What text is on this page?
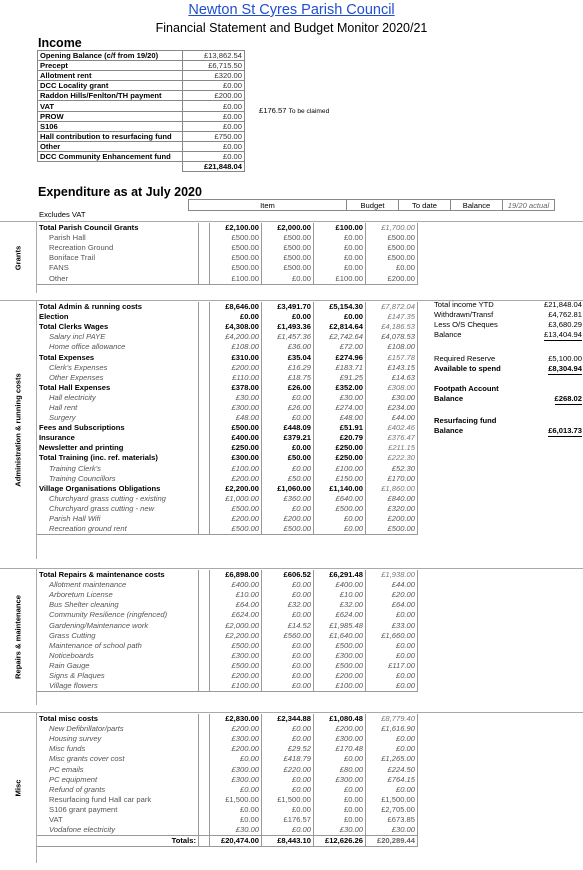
Newton St Cyres Parish Council
Financial Statement and Budget Monitor 2020/21
Income
Opening Balance (c/f from 19/20)	£13,862.54
Precept	£6,715.50
Allotment rent	£320.00
DCC Locality grant	£0.00
Raddon Hills/Fenlton/TH payment	£200.00
VAT	£0.00
PROW	£0.00
S106	£0.00
Hall contribution to resurfacing fund	£750.00
Other	£0.00
DCC Community Enhancement fund	£0.00
	£21,848.04
£176.57 To be claimed
Expenditure as at July 2020
	Item	Budget	To date	Balance	19/20 actual
Excludes VAT
Grants
Total Parish Council Grants		£2,100.00	£2,000.00	£100.00	£1,700.00
Parish Hall		£500.00	£500.00	£0.00	£500.00
Recreation Ground		£500.00	£500.00	£0.00	£500.00
Boniface Trail		£500.00	£500.00	£0.00	£500.00
FANS		£500.00	£500.00	£0.00	£0.00
Other		£100.00	£0.00	£100.00	£200.00
Administration & running costs
Total Admin & running costs		£8,646.00	£3,491.70	£5,154.30	£7,872.04
Election		£0.00	£0.00	£0.00	£147.35
Total Clerks Wages		£4,308.00	£1,493.36	£2,814.64	£4,186.53
Salary incl PAYE		£4,200.00	£1,457.36	£2,742.64	£4,078.53
Home office allowance		£108.00	£36.00	£72.00	£108.00
Total Expenses		£310.00	£35.04	£274.96	£157.78
Clerk's Expenses		£200.00	£16.29	£183.71	£143.15
Other Expenses		£110.00	£18.75	£91.25	£14.63
Total Hall Expenses		£378.00	£26.00	£352.00	£308.00
Hall electricity		£30.00	£0.00	£30.00	£30.00
Hall rent		£300.00	£26.00	£274.00	£234.00
Surgery		£48.00	£0.00	£48.00	£44.00
Fees and Subscriptions		£500.00	£448.09	£51.91	£402.46
Insurance		£400.00	£379.21	£20.79	£376.47
Newsletter and printing		£250.00	£0.00	£250.00	£211.15
Total Training (inc. ref. materials)		£300.00	£50.00	£250.00	£222.30
Training Clerk's		£100.00	£0.00	£100.00	£52.30
Training Councillors		£200.00	£50.00	£150.00	£170.00
Village Organisations Obligations		£2,200.00	£1,060.00	£1,140.00	£1,860.00
Churchyard grass cutting - existing		£1,000.00	£360.00	£640.00	£840.00
Churchyard grass cutting - new		£500.00	£0.00	£500.00	£320.00
Parish Hall Wifi		£200.00	£200.00	£0.00	£200.00
Recreation ground rent		£500.00	£500.00	£0.00	£500.00
Repairs & maintenance
Total Repairs & maintenance costs		£6,898.00	£606.52	£6,291.48	£1,938.00
Allotment maintenance		£400.00	£0.00	£400.00	£44.00
Arboretum License		£10.00	£0.00	£10.00	£20.00
Bus Shelter cleaning		£64.00	£32.00	£32.00	£64.00
Community Resilience (ringfenced)		£624.00	£0.00	£624.00	£0.00
Gardening/Maintenance work		£2,000.00	£14.52	£1,985.48	£33.00
Grass Cutting		£2,200.00	£560.00	£1,640.00	£1,660.00
Maintenance of school path		£500.00	£0.00	£500.00	£0.00
Noticeboards		£300.00	£0.00	£300.00	£0.00
Rain Gauge		£500.00	£0.00	£500.00	£117.00
Signs & Plaques		£200.00	£0.00	£200.00	£0.00
Village flowers		£100.00	£0.00	£100.00	£0.00
Misc
Total misc costs		£2,830.00	£2,344.88	£1,080.48	£8,779.40
New Defibrillator/parts		£200.00	£0.00	£200.00	£1,616.90
Housing survey		£300.00	£0.00	£300.00	£0.00
Misc funds		£200.00	£29.52	£170.48	£0.00
Misc grants cover cost		£0.00	£418.79	£0.00	£1,265.00
PC emails		£300.00	£220.00	£80.00	£224.50
PC equipment		£300.00	£0.00	£300.00	£764.15
Refund of grants		£0.00	£0.00	£0.00	£0.00
Resurfacing fund Hall car park		£1,500.00	£1,500.00	£0.00	£1,500.00
S106 grant payment		£0.00	£0.00	£0.00	£2,705.00
VAT		£0.00	£176.57	£0.00	£673.85
Vodafone electricity		£30.00	£0.00	£30.00	£30.00
Totals:		£20,474.00	£8,443.10	£12,626.26	£20,289.44
Total income YTD	£21,848.04
Withdrawn/Transf	£4,762.81
Less O/S Cheques	£3,680.29
Balance	£13,404.94
Required Reserve	£5,100.00
Available to spend	£8,304.94
Footpath Account
Balance	£268.02
Resurfacing fund
Balance	£6,013.73
